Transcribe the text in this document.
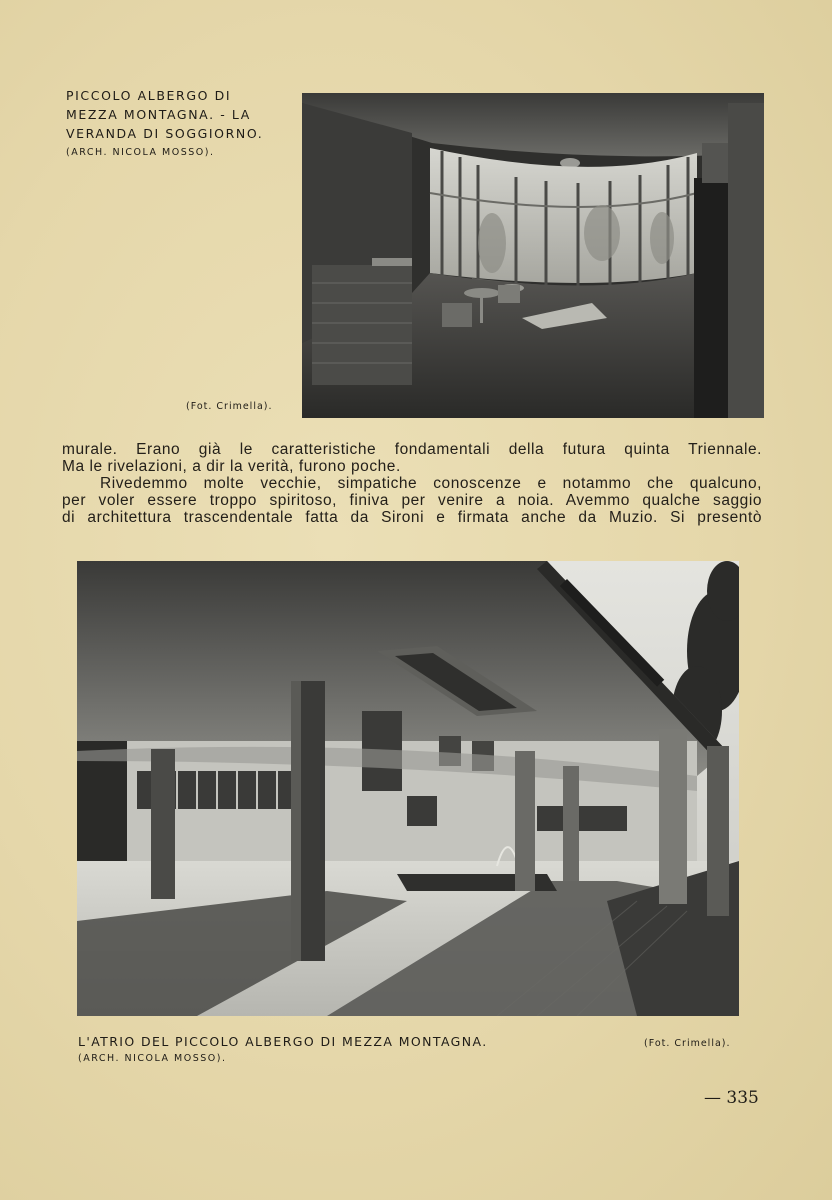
PICCOLO ALBERGO DI
MEZZA MONTAGNA. - LA
VERANDA DI SOGGIORNO.
(ARCH. NICOLA MOSSO).
(Fot. Crimella).

murale. Erano già le caratteristiche fondamentali della futura quinta Triennale.

Ma le rivelazioni, a dir la verità, furono poche.

Rivedemmo molte vecchie, simpatiche conoscenze e notammo che qualcuno,

per voler essere troppo spiritoso, finiva per venire a noia. Avemmo qualche saggio

di architettura trascendentale fatta da Sironi e firmata anche da Muzio. Si presentò

L'ATRIO DEL PICCOLO ALBERGO DI MEZZA MONTAGNA.
(ARCH. NICOLA MOSSO).
(Fot. Crimella).
— 335
